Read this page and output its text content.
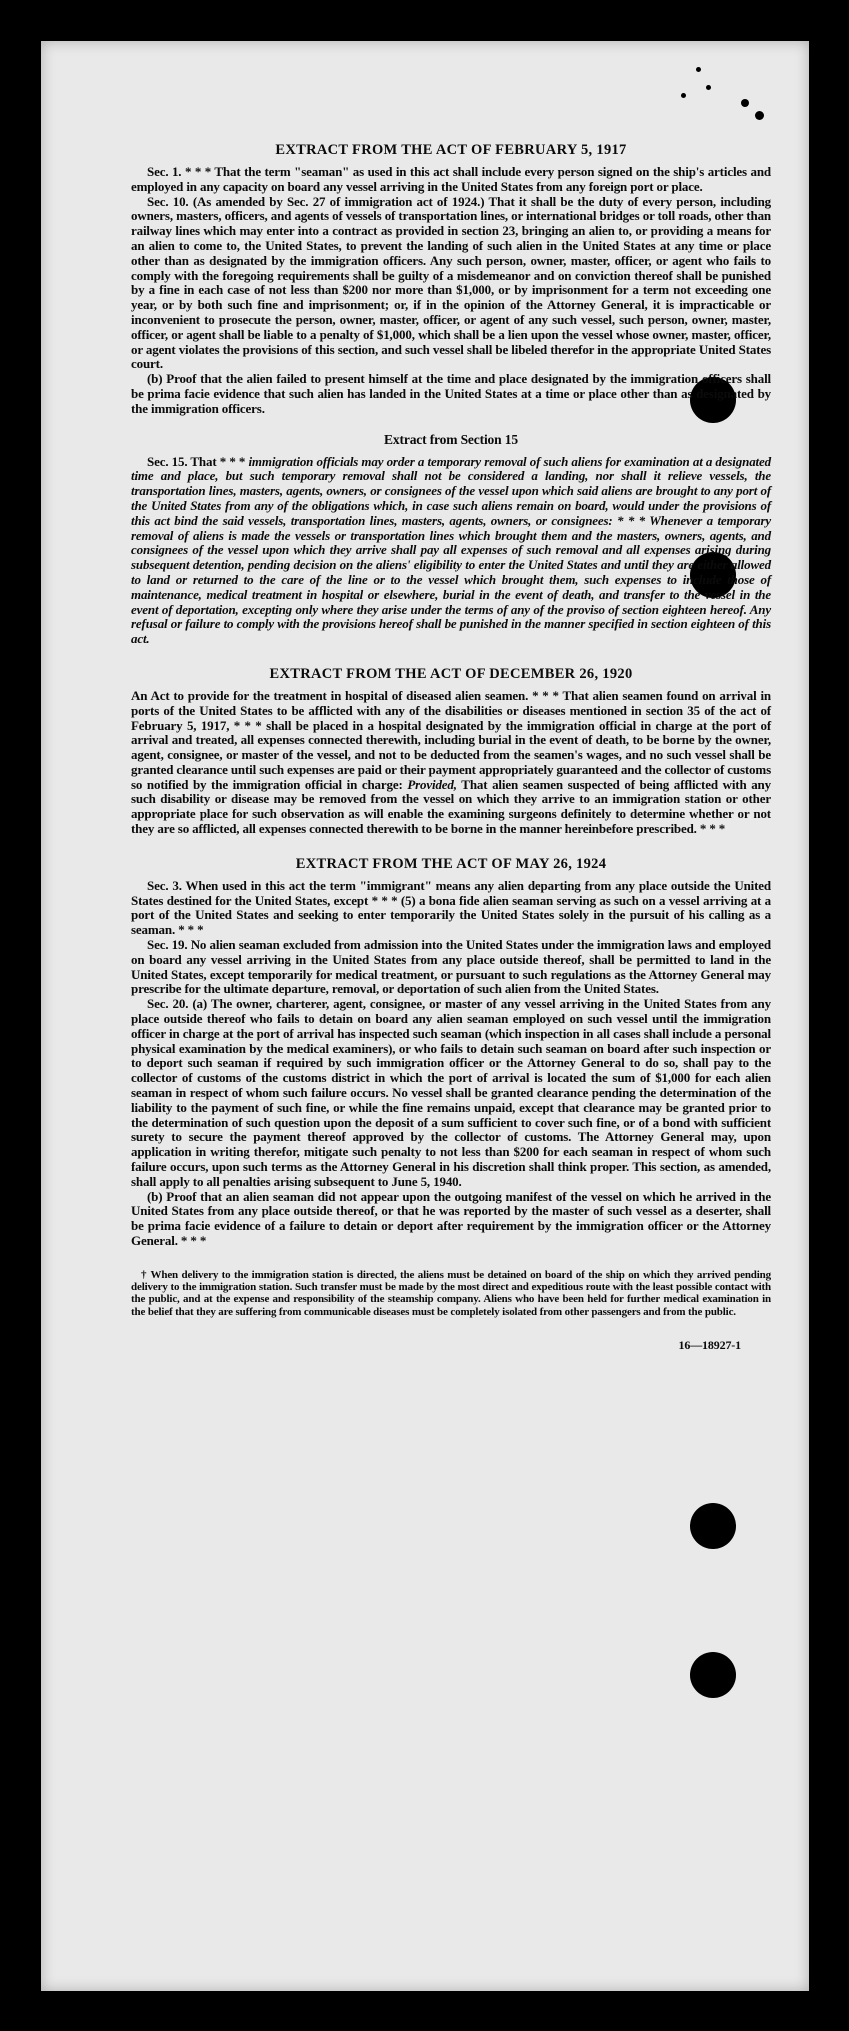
EXTRACT FROM THE ACT OF FEBRUARY 5, 1917

Sec. 1. * * * That the term "seaman" as used in this act shall include every person signed on the ship's articles and employed in any capacity on board any vessel arriving in the United States from any foreign port or place.

Sec. 10. (As amended by Sec. 27 of immigration act of 1924.) That it shall be the duty of every person, including owners, masters, officers, and agents of vessels of transportation lines, or international bridges or toll roads, other than railway lines which may enter into a contract as provided in section 23, bringing an alien to, or providing a means for an alien to come to, the United States, to prevent the landing of such alien in the United States at any time or place other than as designated by the immigration officers. Any such person, owner, master, officer, or agent who fails to comply with the foregoing requirements shall be guilty of a misdemeanor and on conviction thereof shall be punished by a fine in each case of not less than $200 nor more than $1,000, or by imprisonment for a term not exceeding one year, or by both such fine and imprisonment; or, if in the opinion of the Attorney General, it is impracticable or inconvenient to prosecute the person, owner, master, officer, or agent of any such vessel, such person, owner, master, officer, or agent shall be liable to a penalty of $1,000, which shall be a lien upon the vessel whose owner, master, officer, or agent violates the provisions of this section, and such vessel shall be libeled therefor in the appropriate United States court.

(b) Proof that the alien failed to present himself at the time and place designated by the immigration officers shall be prima facie evidence that such alien has landed in the United States at a time or place other than as designated by the immigration officers.

Extract from Section 15

Sec. 15. That * * * immigration officials may order a temporary removal of such aliens for examination at a designated time and place, but such temporary removal shall not be considered a landing, nor shall it relieve vessels, the transportation lines, masters, agents, owners, or consignees of the vessel upon which said aliens are brought to any port of the United States from any of the obligations which, in case such aliens remain on board, would under the provisions of this act bind the said vessels, transportation lines, masters, agents, owners, or consignees: * * * Whenever a temporary removal of aliens is made the vessels or transportation lines which brought them and the masters, owners, agents, and consignees of the vessel upon which they arrive shall pay all expenses of such removal and all expenses arising during subsequent detention, pending decision on the aliens' eligibility to enter the United States and until they are either allowed to land or returned to the care of the line or to the vessel which brought them, such expenses to include those of maintenance, medical treatment in hospital or elsewhere, burial in the event of death, and transfer to the vessel in the event of deportation, excepting only where they arise under the terms of any of the proviso of section eighteen hereof. Any refusal or failure to comply with the provisions hereof shall be punished in the manner specified in section eighteen of this act.

EXTRACT FROM THE ACT OF DECEMBER 26, 1920

An Act to provide for the treatment in hospital of diseased alien seamen. * * * That alien seamen found on arrival in ports of the United States to be afflicted with any of the disabilities or diseases mentioned in section 35 of the act of February 5, 1917, * * * shall be placed in a hospital designated by the immigration official in charge at the port of arrival and treated, all expenses connected therewith, including burial in the event of death, to be borne by the owner, agent, consignee, or master of the vessel, and not to be deducted from the seamen's wages, and no such vessel shall be granted clearance until such expenses are paid or their payment appropriately guaranteed and the collector of customs so notified by the immigration official in charge: Provided, That alien seamen suspected of being afflicted with any such disability or disease may be removed from the vessel on which they arrive to an immigration station or other appropriate place for such observation as will enable the examining surgeons definitely to determine whether or not they are so afflicted, all expenses connected therewith to be borne in the manner hereinbefore prescribed. * * *

EXTRACT FROM THE ACT OF MAY 26, 1924

Sec. 3. When used in this act the term "immigrant" means any alien departing from any place outside the United States destined for the United States, except * * * (5) a bona fide alien seaman serving as such on a vessel arriving at a port of the United States and seeking to enter temporarily the United States solely in the pursuit of his calling as a seaman. * * *

Sec. 19. No alien seaman excluded from admission into the United States under the immigration laws and employed on board any vessel arriving in the United States from any place outside thereof, shall be permitted to land in the United States, except temporarily for medical treatment, or pursuant to such regulations as the Attorney General may prescribe for the ultimate departure, removal, or deportation of such alien from the United States.

Sec. 20. (a) The owner, charterer, agent, consignee, or master of any vessel arriving in the United States from any place outside thereof who fails to detain on board any alien seaman employed on such vessel until the immigration officer in charge at the port of arrival has inspected such seaman (which inspection in all cases shall include a personal physical examination by the medical examiners), or who fails to detain such seaman on board after such inspection or to deport such seaman if required by such immigration officer or the Attorney General to do so, shall pay to the collector of customs of the customs district in which the port of arrival is located the sum of $1,000 for each alien seaman in respect of whom such failure occurs. No vessel shall be granted clearance pending the determination of the liability to the payment of such fine, or while the fine remains unpaid, except that clearance may be granted prior to the determination of such question upon the deposit of a sum sufficient to cover such fine, or of a bond with sufficient surety to secure the payment thereof approved by the collector of customs. The Attorney General may, upon application in writing therefor, mitigate such penalty to not less than $200 for each seaman in respect of whom such failure occurs, upon such terms as the Attorney General in his discretion shall think proper. This section, as amended, shall apply to all penalties arising subsequent to June 5, 1940.

(b) Proof that an alien seaman did not appear upon the outgoing manifest of the vessel on which he arrived in the United States from any place outside thereof, or that he was reported by the master of such vessel as a deserter, shall be prima facie evidence of a failure to detain or deport after requirement by the immigration officer or the Attorney General. * * *

† When delivery to the immigration station is directed, the aliens must be detained on board of the ship on which they arrived pending delivery to the immigration station. Such transfer must be made by the most direct and expeditious route with the least possible contact with the public, and at the expense and responsibility of the steamship company. Aliens who have been held for further medical examination in the belief that they are suffering from communicable diseases must be completely isolated from other passengers and from the public.

16—18927-1
